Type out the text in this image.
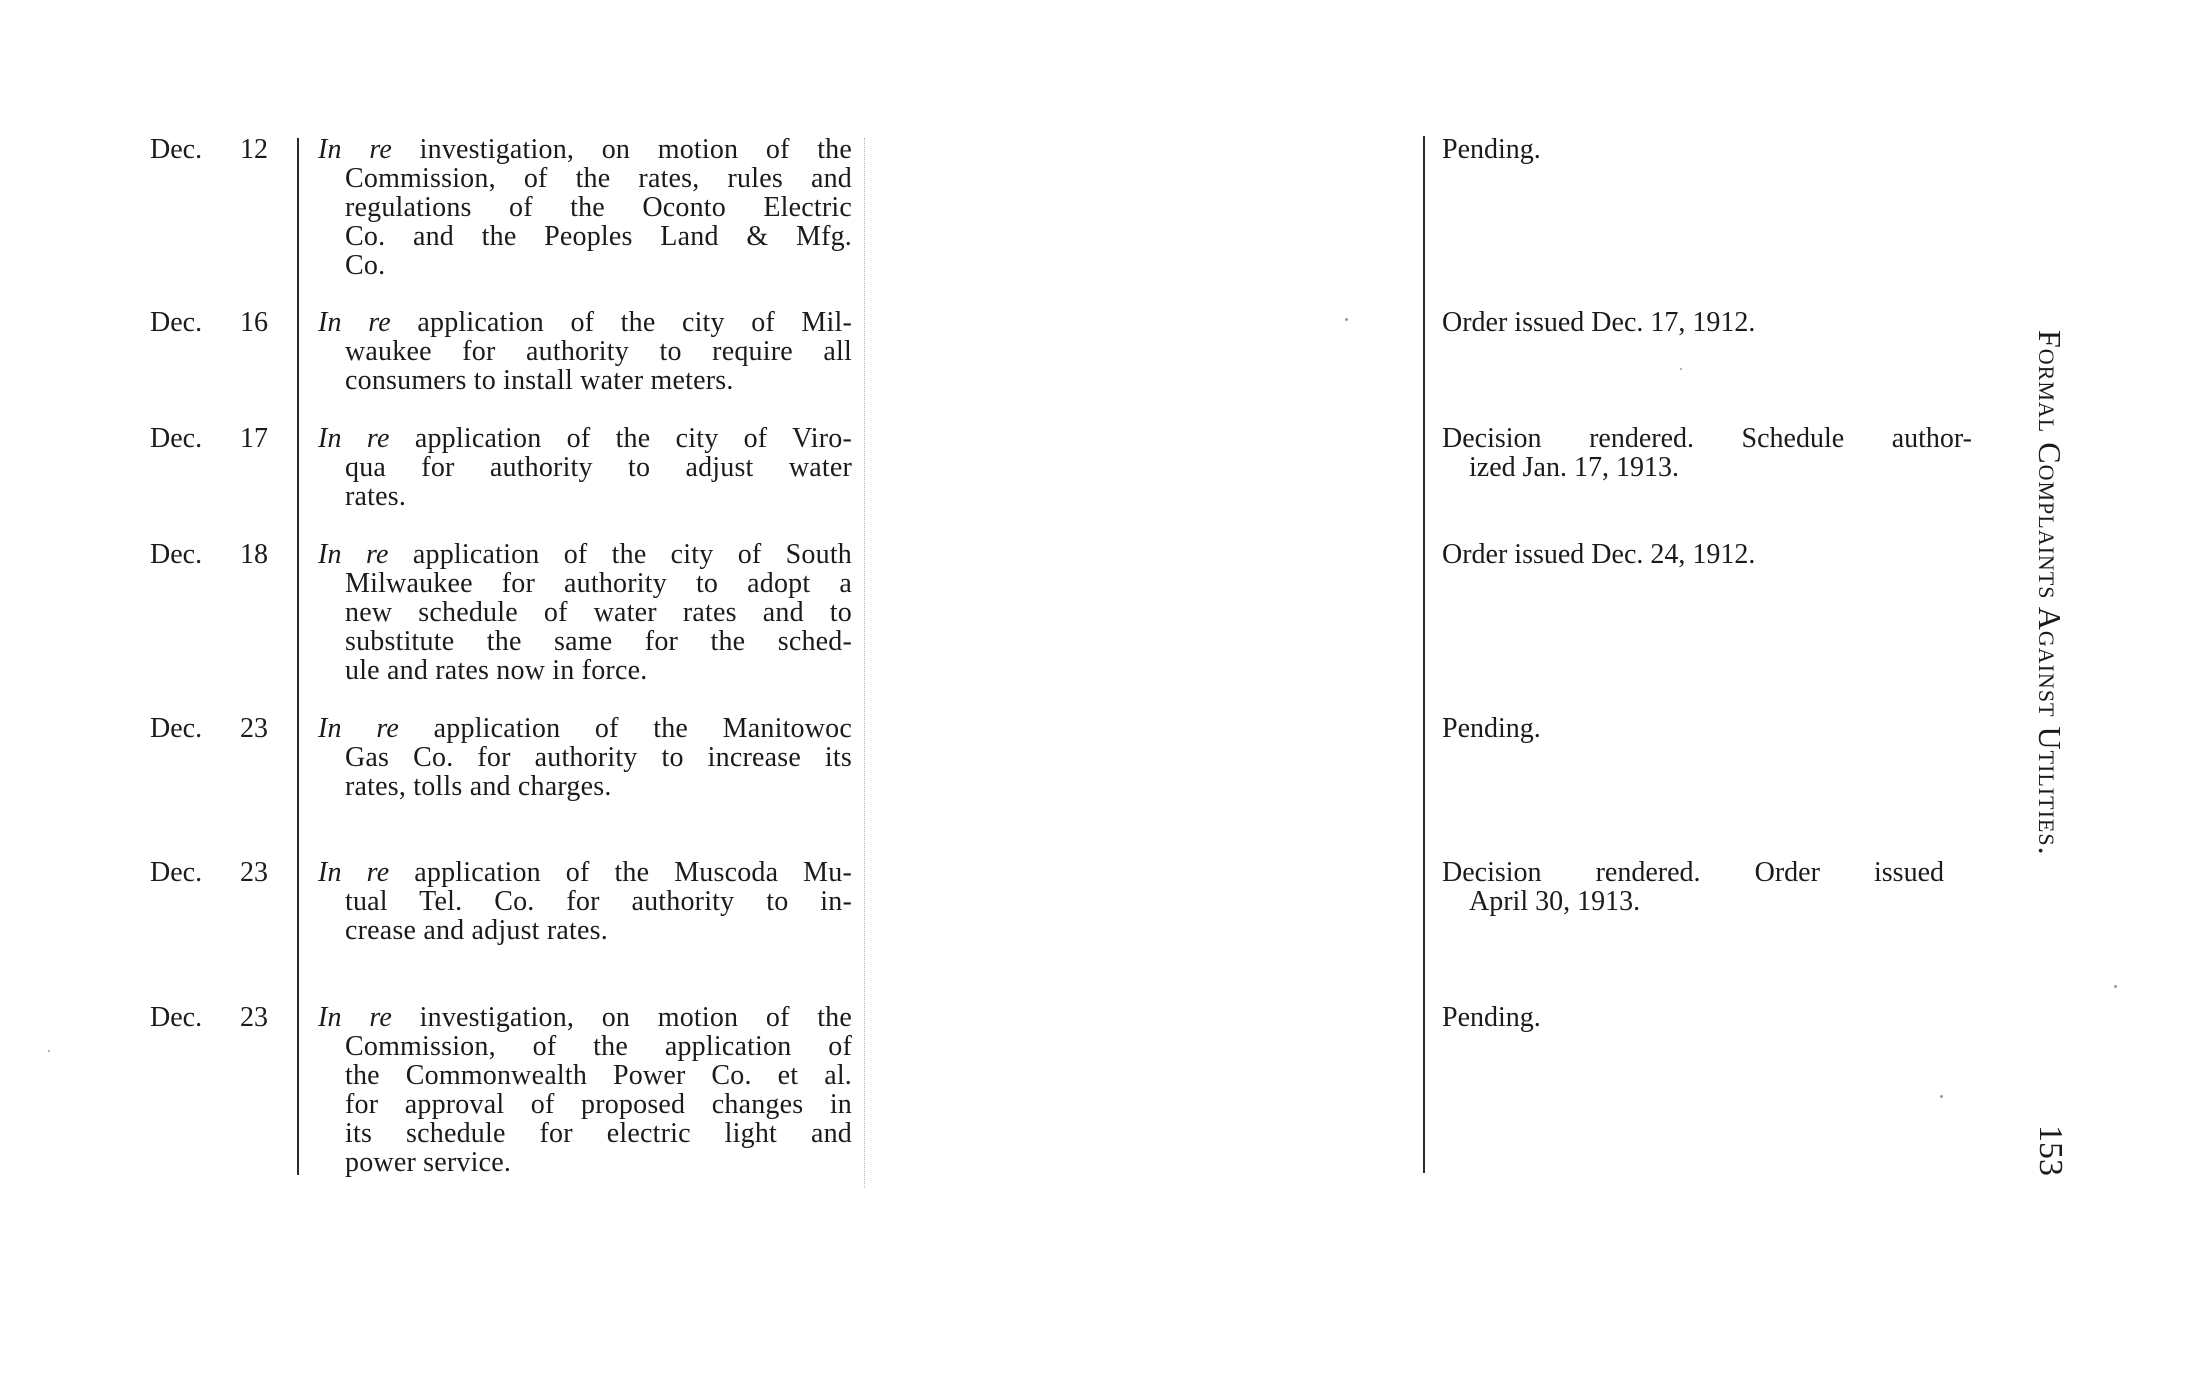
Dec. 12 In re investigation, on motion of the
Commission, of the rates, rules and
regulations of the Oconto Electric
Co. and the Peoples Land & Mfg.
Co.
Pending.
Dec. 16 In re application of the city of Mil-
waukee for authority to require all
consumers to install water meters.
Order issued Dec. 17, 1912.
Dec. 17 In re application of the city of Viro-
qua for authority to adjust water
rates.
Decision rendered. Schedule author-
ized Jan. 17, 1913.
Dec. 18 In re application of the city of South
Milwaukee for authority to adopt a
new schedule of water rates and to
substitute the same for the sched-
ule and rates now in force.
Order issued Dec. 24, 1912.
Dec. 23 In re application of the Manitowoc
Gas Co. for authority to increase its
rates, tolls and charges.
Pending.
Dec. 23 In re application of the Muscoda Mu-
tual Tel. Co. for authority to in-
crease and adjust rates.
Decision rendered. Order issued
April 30, 1913.
Dec. 23 In re investigation, on motion of the
Commission, of the application of
the Commonwealth Power Co. et al.
for approval of proposed changes in
its schedule for electric light and
power service.
Pending.
Formal Complaints Against Utilities.
153
